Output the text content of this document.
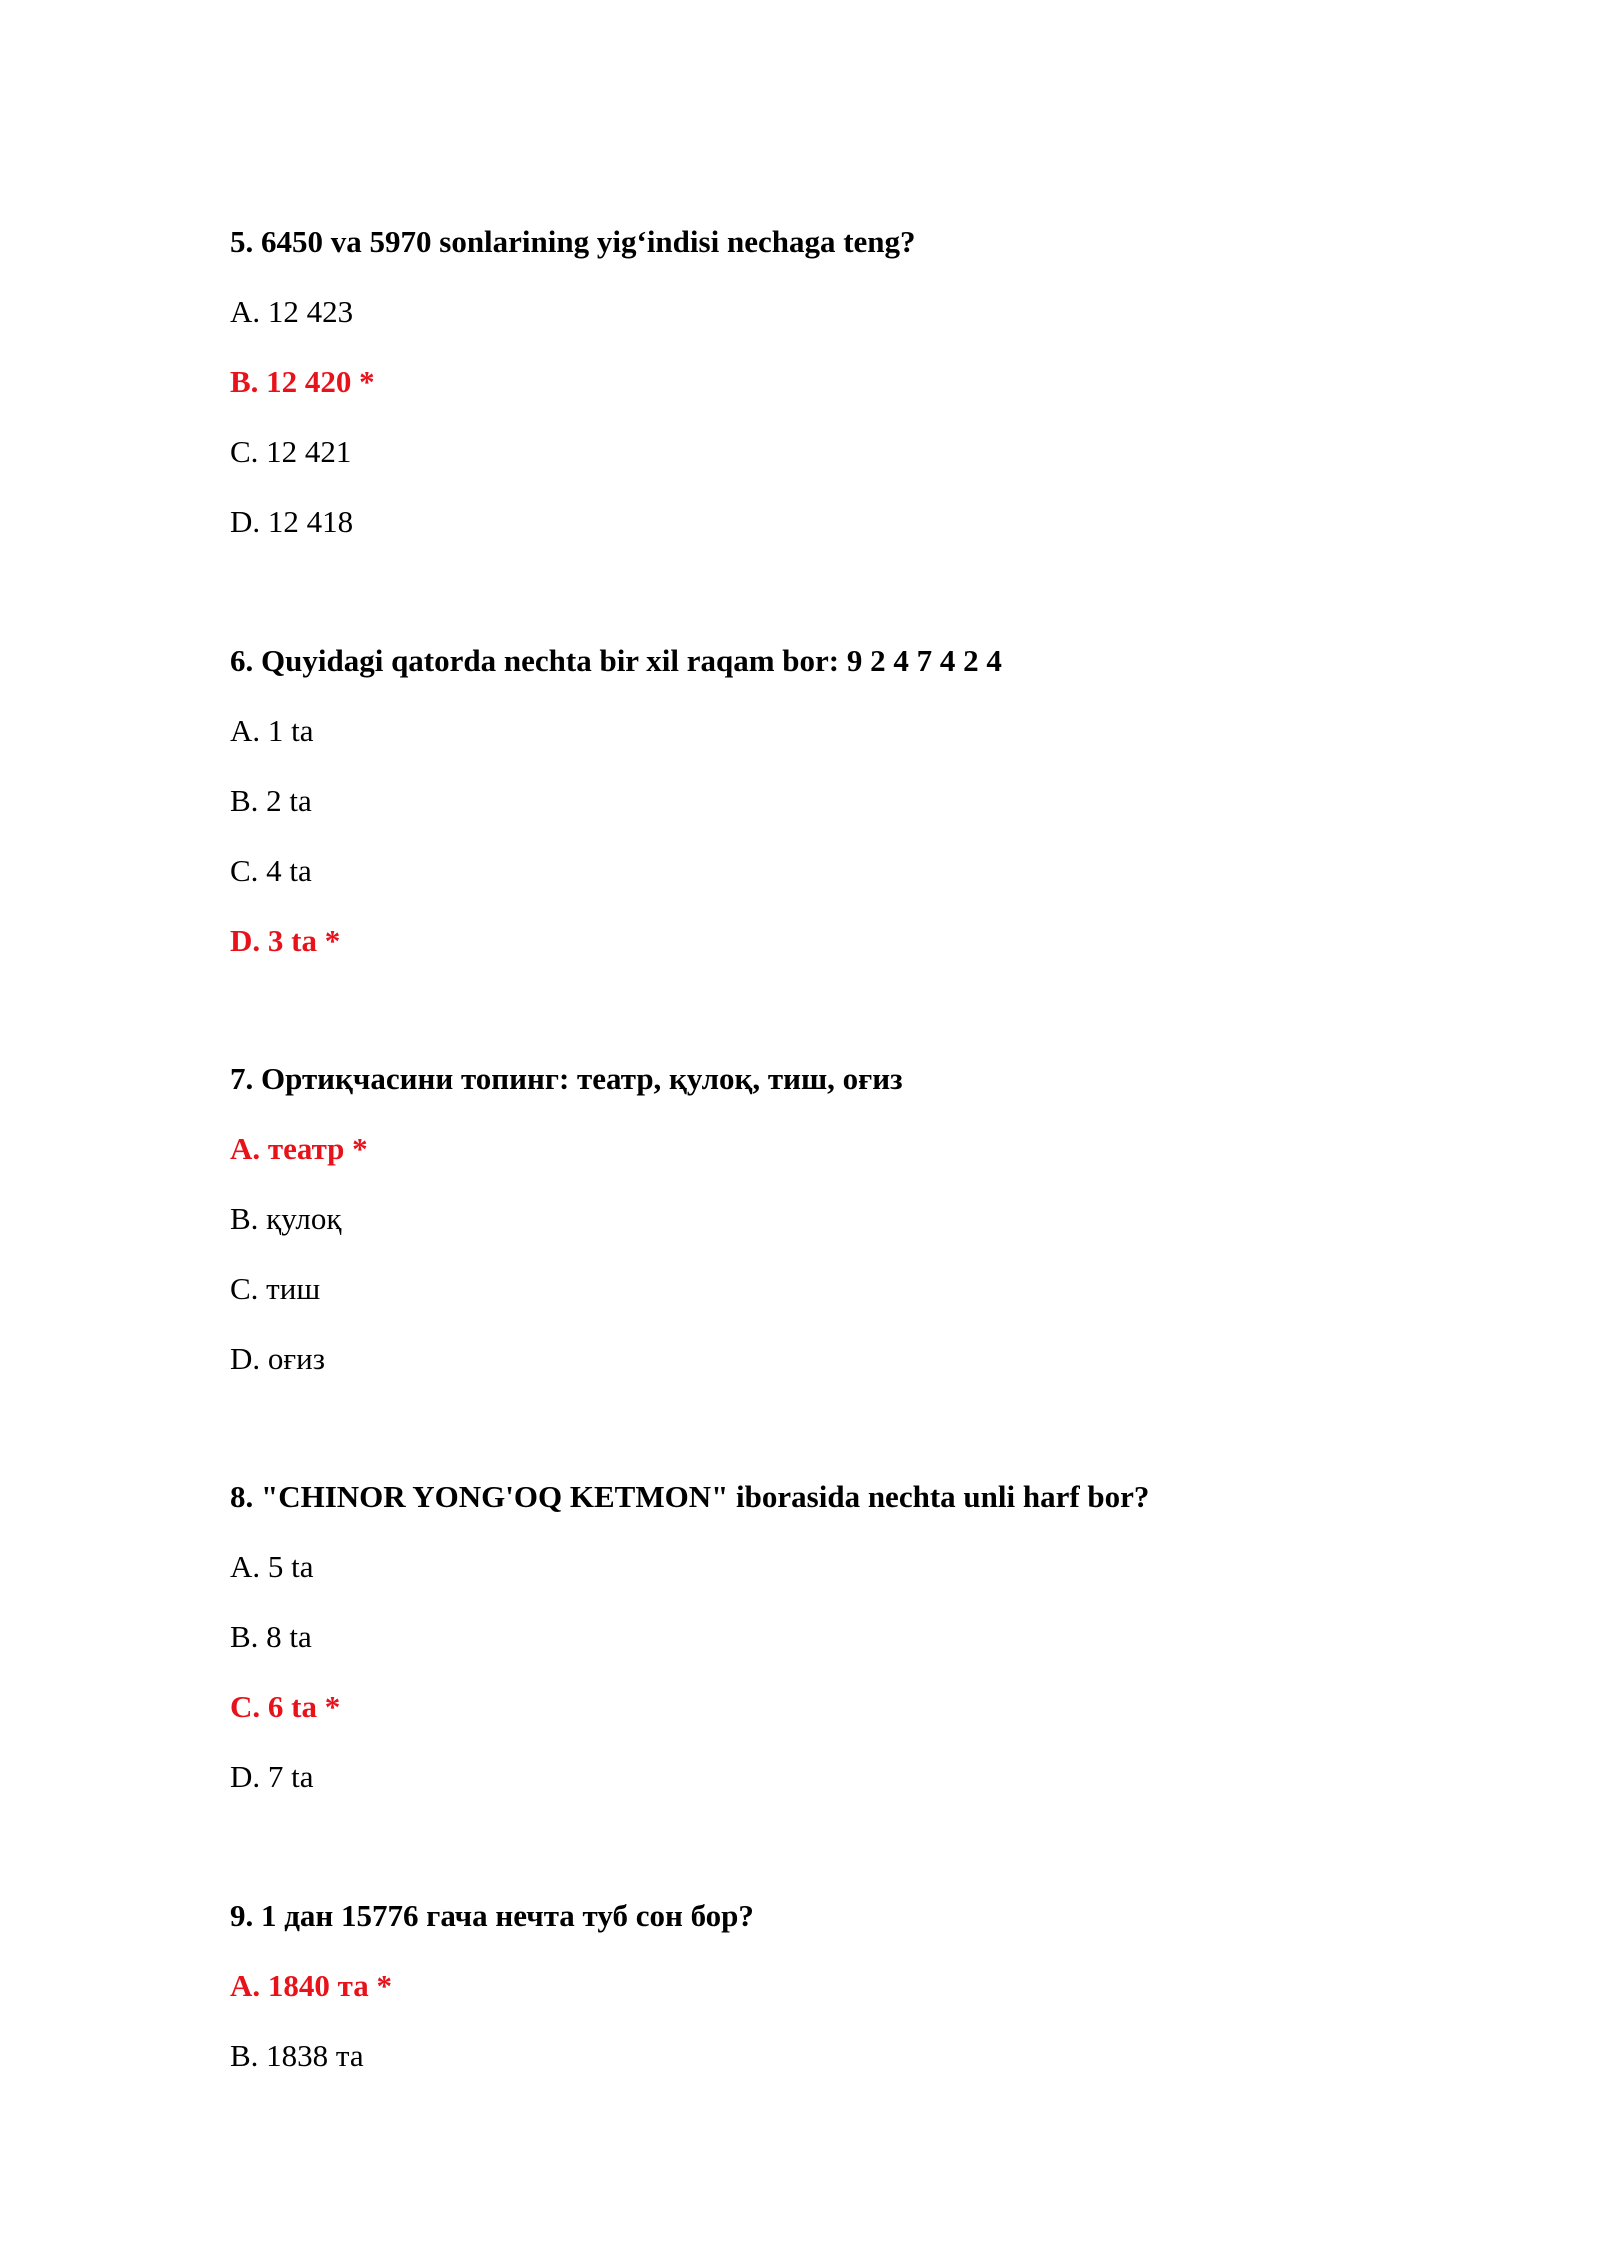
5. 6450 va 5970 sonlarining yig‘indisi nechaga teng?

A. 12 423

B. 12 420 *

C. 12 421

D. 12 418

6. Quyidagi qatorda nechta bir xil raqam bor: 9 2 4 7 4 2 4

A. 1 ta

B. 2 ta

C. 4 ta

D. 3 ta *

7. Ортиқчасини топинг: театр, қулоқ, тиш, оғиз

A. театр *

B. қулоқ

C. тиш

D. оғиз

8. "CHINOR YONG'OQ KETMON" iborasida nechta unli harf bor?

A. 5 ta

B. 8 ta

C. 6 ta *

D. 7 ta

9. 1 дан 15776 гача нечта туб сон бор?

A. 1840 та *

B. 1838 та
